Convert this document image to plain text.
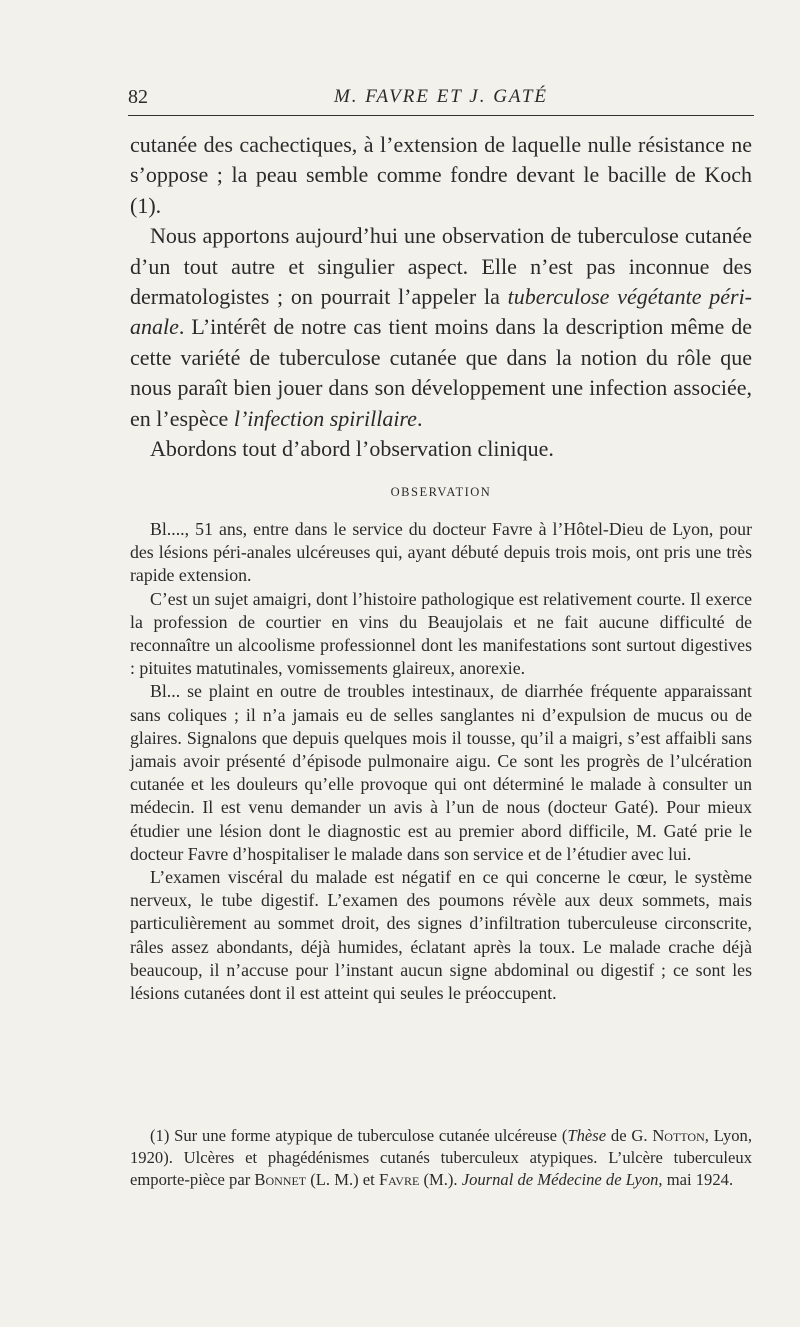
82	M. FAVRE ET J. GATÉ

cutanée des cachectiques, à l’extension de laquelle nulle résistance ne s’oppose ; la peau semble comme fondre devant le bacille de Koch (1).

Nous apportons aujourd’hui une observation de tuberculose cutanée d’un tout autre et singulier aspect. Elle n’est pas inconnue des dermatologistes ; on pourrait l’appeler la tuberculose végétante péri-anale. L’intérêt de notre cas tient moins dans la description même de cette variété de tuberculose cutanée que dans la notion du rôle que nous paraît bien jouer dans son développement une infection associée, en l’espèce l’infection spirillaire.

Abordons tout d’abord l’observation clinique.

OBSERVATION

Bl...., 51 ans, entre dans le service du docteur Favre à l’Hôtel-Dieu de Lyon, pour des lésions péri-anales ulcéreuses qui, ayant débuté depuis trois mois, ont pris une très rapide extension.

C’est un sujet amaigri, dont l’histoire pathologique est relativement courte. Il exerce la profession de courtier en vins du Beaujolais et ne fait aucune difficulté de reconnaître un alcoolisme professionnel dont les manifestations sont surtout digestives : pituites matutinales, vomissements glaireux, anorexie.

Bl... se plaint en outre de troubles intestinaux, de diarrhée fréquente apparaissant sans coliques ; il n’a jamais eu de selles sanglantes ni d’expulsion de mucus ou de glaires. Signalons que depuis quelques mois il tousse, qu’il a maigri, s’est affaibli sans jamais avoir présenté d’épisode pulmonaire aigu. Ce sont les progrès de l’ulcération cutanée et les douleurs qu’elle provoque qui ont déterminé le malade à consulter un médecin. Il est venu demander un avis à l’un de nous (docteur Gaté). Pour mieux étudier une lésion dont le diagnostic est au premier abord difficile, M. Gaté prie le docteur Favre d’hospitaliser le malade dans son service et de l’étudier avec lui.

L’examen viscéral du malade est négatif en ce qui concerne le cœur, le système nerveux, le tube digestif. L’examen des poumons révèle aux deux sommets, mais particulièrement au sommet droit, des signes d’infiltration tuberculeuse circonscrite, râles assez abondants, déjà humides, éclatant après la toux. Le malade crache déjà beaucoup, il n’accuse pour l’instant aucun signe abdominal ou digestif ; ce sont les lésions cutanées dont il est atteint qui seules le préoccupent.

(1) Sur une forme atypique de tuberculose cutanée ulcéreuse (Thèse de G. Notton, Lyon, 1920). Ulcères et phagédénismes cutanés tuberculeux atypiques. L’ulcère tuberculeux emporte-pièce par Bonnet (L. M.) et Favre (M.). Journal de Médecine de Lyon, mai 1924.
